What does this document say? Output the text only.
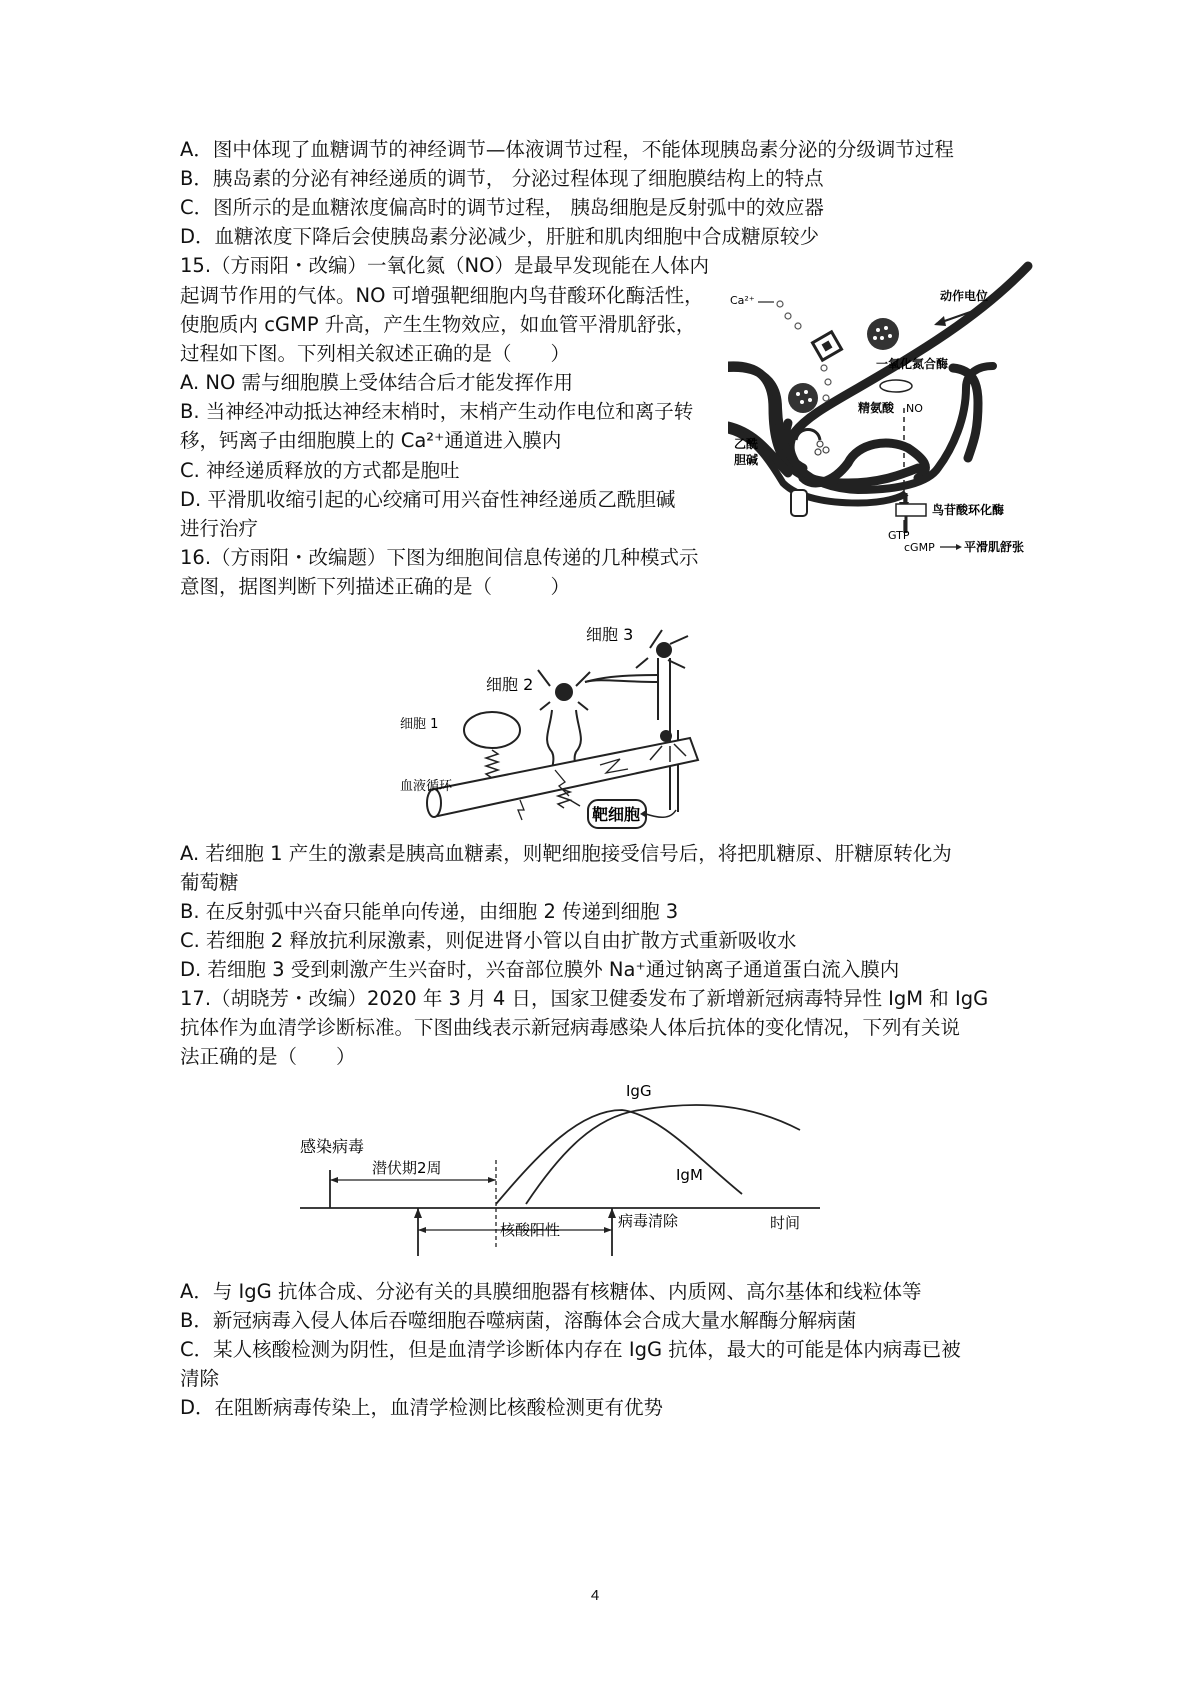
A．图中体现了血糖调节的神经调节—体液调节过程，不能体现胰岛素分泌的分级调节过程
B．胰岛素的分泌有神经递质的调节， 分泌过程体现了细胞膜结构上的特点
C．图所示的是血糖浓度偏高时的调节过程， 胰岛细胞是反射弧中的效应器
D．血糖浓度下降后会使胰岛素分泌减少，肝脏和肌肉细胞中合成糖原较少
15.（方雨阳・改编）一氧化氮（NO）是最早发现能在人体内
起调节作用的气体。NO 可增强靶细胞内鸟苷酸环化酶活性，
使胞质内 cGMP 升高，产生生物效应，如血管平滑肌舒张，
过程如下图。下列相关叙述正确的是（　　）
A. NO 需与细胞膜上受体结合后才能发挥作用
B. 当神经冲动抵达神经末梢时，末梢产生动作电位和离子转
移，钙离子由细胞膜上的 Ca²⁺通道进入膜内
C. 神经递质释放的方式都是胞吐
D. 平滑肌收缩引起的心绞痛可用兴奋性神经递质乙酰胆碱
进行治疗
Ca²⁺	动作电位
一氧化氮合酶
精氨酸 NO
乙酰
胆碱
鸟苷酸环化酶
GTP
cGMP 平滑肌舒张
16.（方雨阳・改编题）下图为细胞间信息传递的几种模式示
意图，据图判断下列描述正确的是（　　　）
细胞 3
细胞 2
细胞 1
血液循环
靶细胞
A. 若细胞 1 产生的激素是胰高血糖素，则靶细胞接受信号后，将把肌糖原、肝糖原转化为
葡萄糖
B. 在反射弧中兴奋只能单向传递，由细胞 2 传递到细胞 3
C. 若细胞 2 释放抗利尿激素，则促进肾小管以自由扩散方式重新吸收水
D. 若细胞 3 受到刺激产生兴奋时，兴奋部位膜外 Na⁺通过钠离子通道蛋白流入膜内
17.（胡晓芳・改编）2020 年 3 月 4 日，国家卫健委发布了新增新冠病毒特异性 IgM 和 IgG
抗体作为血清学诊断标准。下图曲线表示新冠病毒感染人体后抗体的变化情况，下列有关说
法正确的是（　　）
IgG
IgM
感染病毒
潜伏期2周
核酸阳性	病毒清除	时间
A．与 IgG 抗体合成、分泌有关的具膜细胞器有核糖体、内质网、高尔基体和线粒体等
B．新冠病毒入侵人体后吞噬细胞吞噬病菌，溶酶体会合成大量水解酶分解病菌
C．某人核酸检测为阴性，但是血清学诊断体内存在 IgG 抗体，最大的可能是体内病毒已被
清除
D．在阻断病毒传染上，血清学检测比核酸检测更有优势
4
